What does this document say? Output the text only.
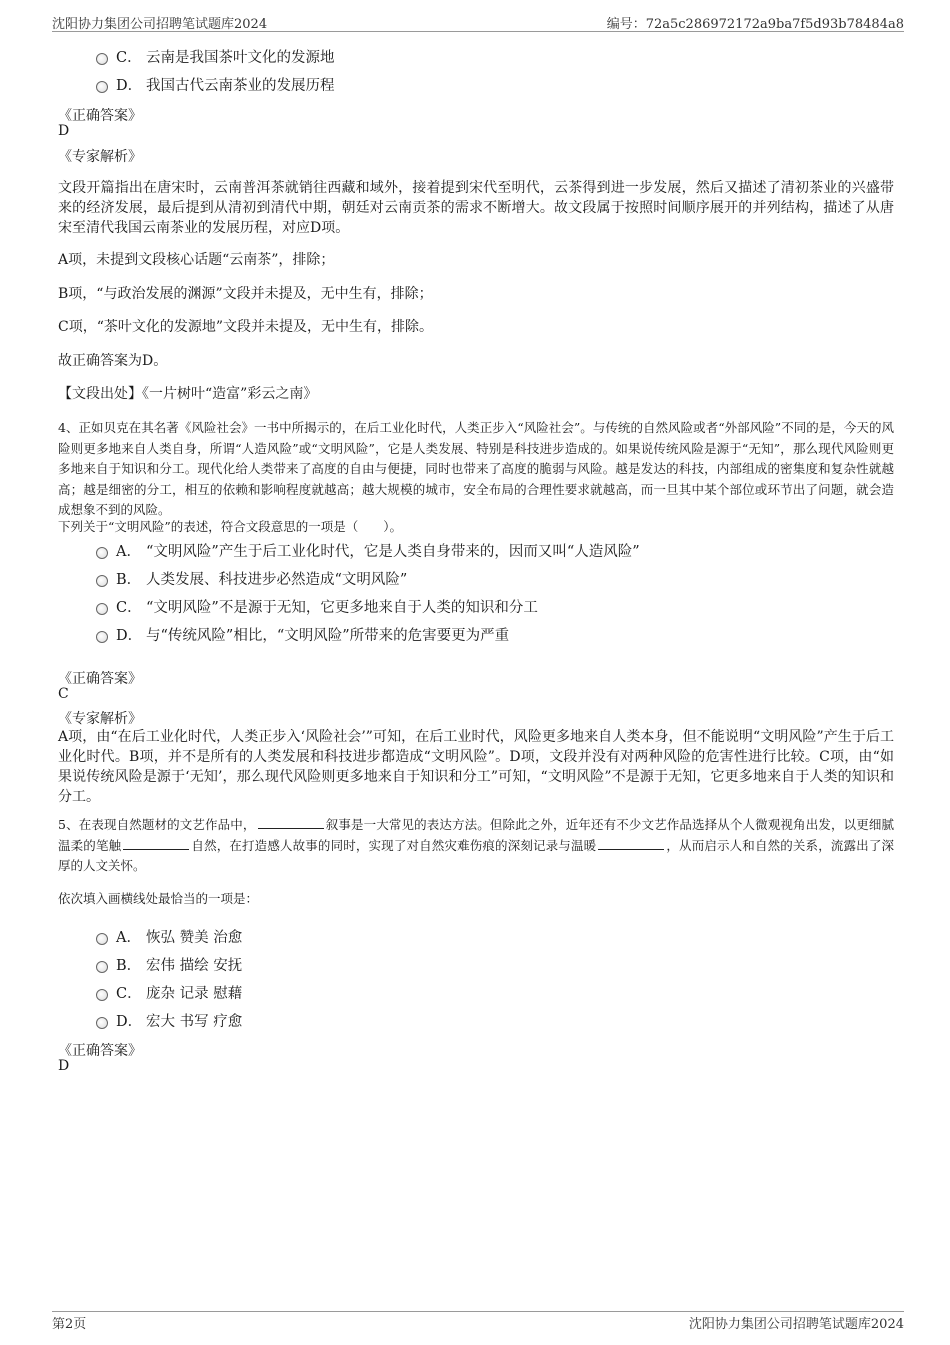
沈阳协力集团公司招聘笔试题库2024	编号：72a5c286972172a9ba7f5d93b78484a8
C． 云南是我国茶叶文化的发源地
D． 我国古代云南茶业的发展历程
《正确答案》
D
《专家解析》
文段开篇指出在唐宋时，云南普洱茶就销往西藏和域外，接着提到宋代至明代，云茶得到进一步发展，然后又描述了清初茶业的兴盛带来的经济发展，最后提到从清初到清代中期，朝廷对云南贡茶的需求不断增大。故文段属于按照时间顺序展开的并列结构，描述了从唐宋至清代我国云南茶业的发展历程，对应D项。
A项，未提到文段核心话题“云南茶”，排除；
B项，“与政治发展的渊源”文段并未提及，无中生有，排除；
C项，“茶叶文化的发源地”文段并未提及，无中生有，排除。
故正确答案为D。
【文段出处】《一片树叶“造富”彩云之南》
4、正如贝克在其名著《风险社会》一书中所揭示的，在后工业化时代，人类正步入“风险社会”。与传统的自然风险或者“外部风险”不同的是，今天的风险则更多地来自人类自身，所谓“人造风险”或“文明风险”，它是人类发展、特别是科技进步造成的。如果说传统风险是源于“无知”，那么现代风险则更多地来自于知识和分工。现代化给人类带来了高度的自由与便捷，同时也带来了高度的脆弱与风险。越是发达的科技，内部组成的密集度和复杂性就越高；越是细密的分工，相互的依赖和影响程度就越高；越大规模的城市，安全布局的合理性要求就越高，而一旦其中某个部位或环节出了问题，就会造成想象不到的风险。
下列关于“文明风险”的表述，符合文段意思的一项是（　　）。
A． “文明风险”产生于后工业化时代，它是人类自身带来的，因而又叫“人造风险”
B． 人类发展、科技进步必然造成“文明风险”
C． “文明风险”不是源于无知，它更多地来自于人类的知识和分工
D． 与“传统风险”相比，“文明风险”所带来的危害要更为严重
《正确答案》
C
《专家解析》
A项，由“在后工业化时代，人类正步入‘风险社会’”可知，在后工业时代，风险更多地来自人类本身，但不能说明“文明风险”产生于后工业化时代。B项，并不是所有的人类发展和科技进步都造成“文明风险”。D项，文段并没有对两种风险的危害性进行比较。C项，由“如果说传统风险是源于‘无知’，那么现代风险则更多地来自于知识和分工”可知，“文明风险”不是源于无知，它更多地来自于人类的知识和分工。
5、在表现自然题材的文艺作品中，	叙事是一大常见的表达方法。但除此之外，近年还有不少文艺作品选择从个人微观视角出发，以更细腻温柔的笔触	自然，在打造感人故事的同时，实现了对自然灾难伤痕的深刻记录与温暖	，从而启示人和自然的关系，流露出了深厚的人文关怀。
依次填入画横线处最恰当的一项是：
A． 恢弘 赞美 治愈
B． 宏伟 描绘 安抚
C． 庞杂 记录 慰藉
D． 宏大 书写 疗愈
《正确答案》
D
第2页	沈阳协力集团公司招聘笔试题库2024
